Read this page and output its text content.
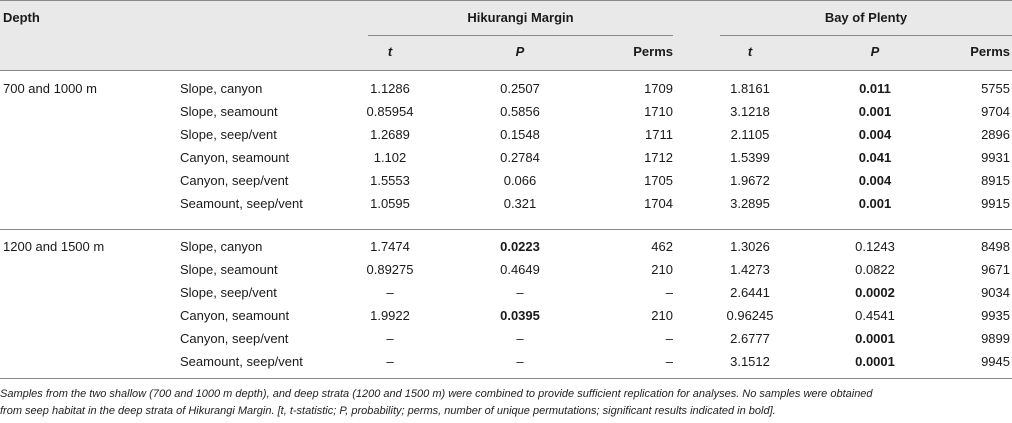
Depth	Hikurangi Margin	Bay of Plenty
t	P	Perms	t	P	Perms
700 and 1000 m	Slope, canyon	1.1286	0.2507	1709	1.8161	0.011	5755
Slope, seamount	0.85954	0.5856	1710	3.1218	0.001	9704
Slope, seep/vent	1.2689	0.1548	1711	2.1105	0.004	2896
Canyon, seamount	1.102	0.2784	1712	1.5399	0.041	9931
Canyon, seep/vent	1.5553	0.066	1705	1.9672	0.004	8915
Seamount, seep/vent	1.0595	0.321	1704	3.2895	0.001	9915
1200 and 1500 m	Slope, canyon	1.7474	0.0223	462	1.3026	0.1243	8498
Slope, seamount	0.89275	0.4649	210	1.4273	0.0822	9671
Slope, seep/vent	–	–	–	2.6441	0.0002	9034
Canyon, seamount	1.9922	0.0395	210	0.96245	0.4541	9935
Canyon, seep/vent	–	–	–	2.6777	0.0001	9899
Seamount, seep/vent	–	–	–	3.1512	0.0001	9945
Samples from the two shallow (700 and 1000 m depth), and deep strata (1200 and 1500 m) were combined to provide sufficient replication for analyses. No samples were obtained
from seep habitat in the deep strata of Hikurangi Margin. [t, t-statistic; P, probability; perms, number of unique permutations; significant results indicated in bold].
